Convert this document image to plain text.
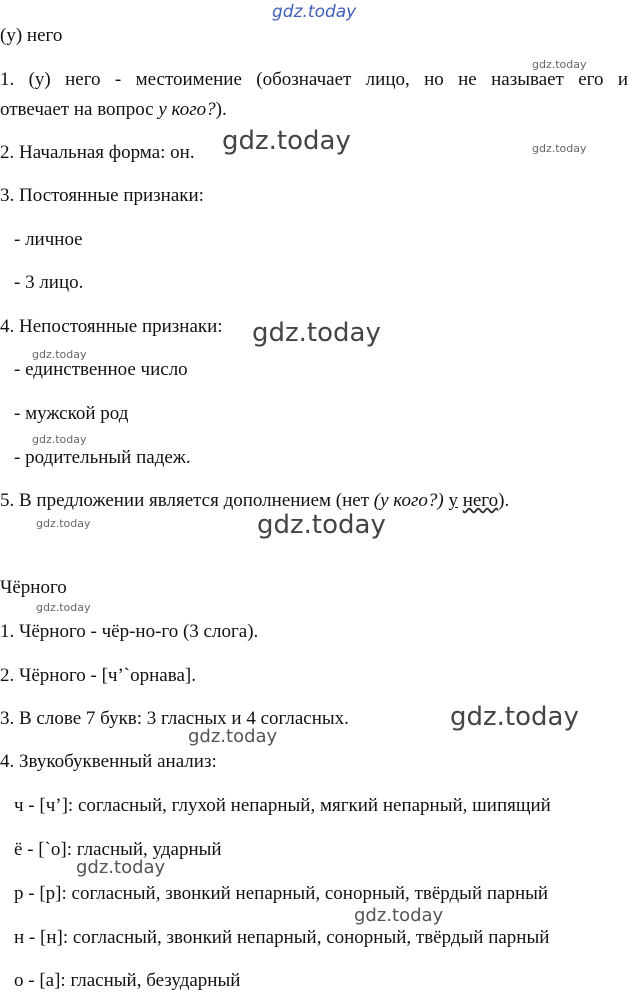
gdz.today
gdz.today
gdz.today	gdz.today
gdz.today
gdz.today
gdz.today
gdz.today	gdz.today
gdz.today
gdz.today
gdz.today
gdz.today
gdz.today
(у) него
1. (у) него - местоимение (обозначает лицо, но не называет его и
отвечает на вопрос у кого?).
2. Начальная форма: он.
3. Постоянные признаки:
- личное
- 3 лицо.
4. Непостоянные признаки:
- единственное число
- мужской род
- родительный падеж.
5. В предложении является дополнением (нет (у кого?) у него).
Чёрного
1. Чёрного - чёр-но-го (3 слога).
2. Чёрного - [ч’`орнава].
3. В слове 7 букв: 3 гласных и 4 согласных.
4. Звукобуквенный анализ:
ч - [ч’]: согласный, глухой непарный, мягкий непарный, шипящий
ё - [`о]: гласный, ударный
р - [р]: согласный, звонкий непарный, сонорный, твёрдый парный
н - [н]: согласный, звонкий непарный, сонорный, твёрдый парный
о - [а]: гласный, безударный
